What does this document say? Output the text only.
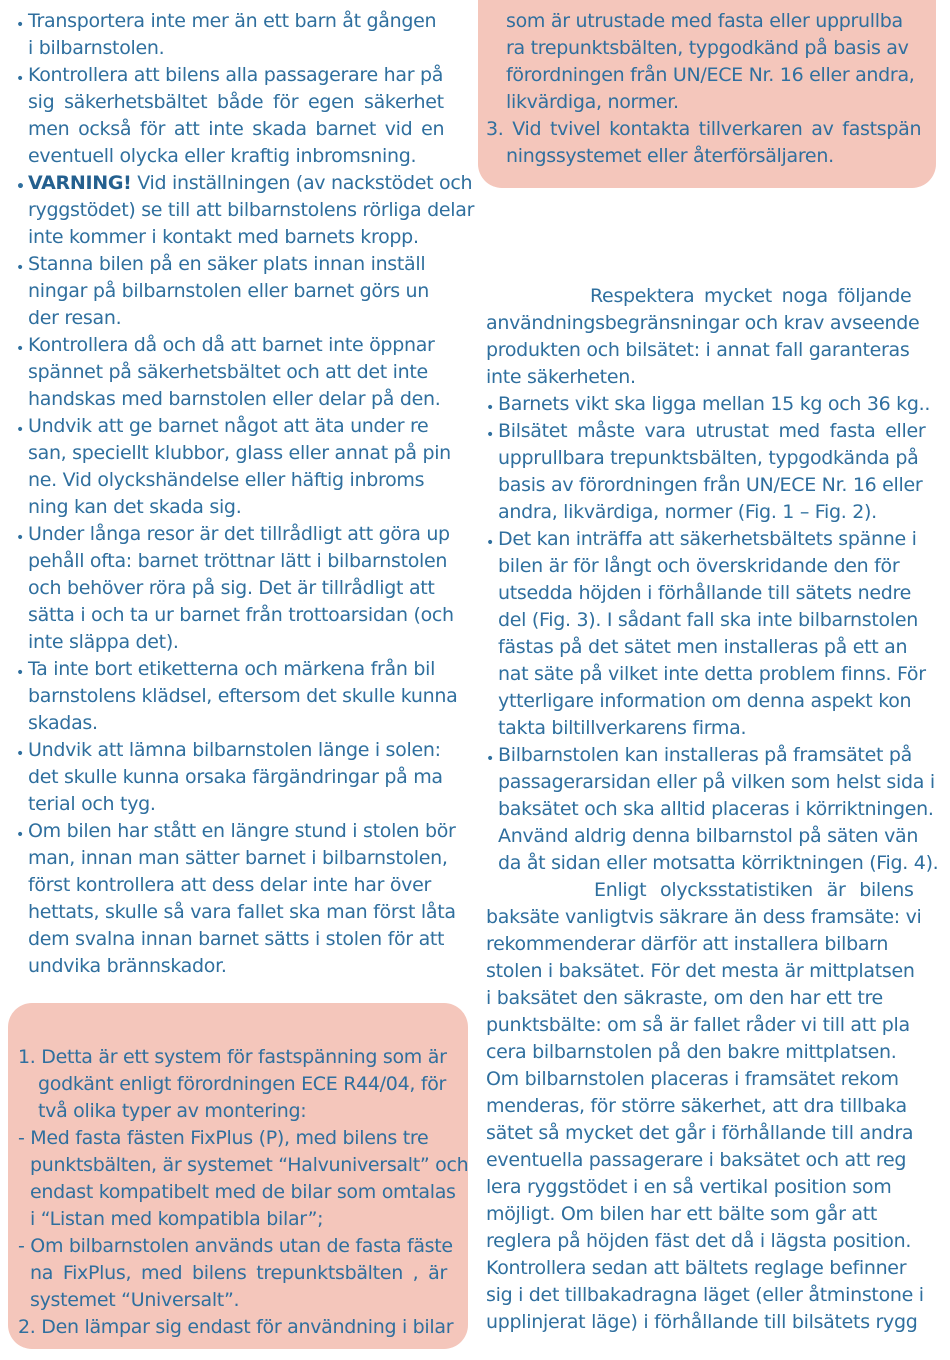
• Transportera inte mer än ett barn åt gången
i bilbarnstolen.
• Kontrollera att bilens alla passagerare har på
sig säkerhetsbältet både för egen säkerhet
men också för att inte skada barnet vid en
eventuell olycka eller kraftig inbromsning.
• VARNING! Vid inställningen (av nackstödet och
ryggstödet) se till att bilbarnstolens rörliga delar
inte kommer i kontakt med barnets kropp.
• Stanna bilen på en säker plats innan inställ
ningar på bilbarnstolen eller barnet görs un
der resan.
• Kontrollera då och då att barnet inte öppnar
spännet på säkerhetsbältet och att det inte
handskas med barnstolen eller delar på den.
• Undvik att ge barnet något att äta under re
san, speciellt klubbor, glass eller annat på pin
ne. Vid olyckshändelse eller häftig inbroms
ning kan det skada sig.
• Under långa resor är det tillrådligt att göra up
pehåll ofta: barnet tröttnar lätt i bilbarnstolen
och behöver röra på sig. Det är tillrådligt att
sätta i och ta ur barnet från trottoarsidan (och
inte släppa det).
• Ta inte bort etiketterna och märkena från bil
barnstolens klädsel, eftersom det skulle kunna
skadas.
• Undvik att lämna bilbarnstolen länge i solen:
det skulle kunna orsaka färgändringar på ma
terial och tyg.
• Om bilen har stått en längre stund i stolen bör
man, innan man sätter barnet i bilbarnstolen,
först kontrollera att dess delar inte har över
hettats, skulle så vara fallet ska man först låta
dem svalna innan barnet sätts i stolen för att
undvika brännskador.
1. Detta är ett system för fastspänning som är
godkänt enligt förordningen ECE R44/04, för
två olika typer av montering:
- Med fasta fästen FixPlus (P), med bilens tre
punktsbälten, är systemet “Halvuniversalt” och
endast kompatibelt med de bilar som omtalas
i “Listan med kompatibla bilar”;
- Om bilbarnstolen används utan de fasta fäste
na FixPlus, med bilens trepunktsbälten , är
systemet “Universalt”.
2. Den lämpar sig endast för användning i bilar
som är utrustade med fasta eller upprullba
ra trepunktsbälten, typgodkänd på basis av
förordningen från UN/ECE Nr. 16 eller andra,
likvärdiga, normer.
3. Vid tvivel kontakta tillverkaren av fastspän
ningssystemet eller återförsäljaren.
Respektera mycket noga följande
användningsbegränsningar och krav avseende
produkten och bilsätet: i annat fall garanteras
inte säkerheten.
• Barnets vikt ska ligga mellan 15 kg och 36 kg..
• Bilsätet måste vara utrustat med fasta eller
upprullbara trepunktsbälten, typgodkända på
basis av förordningen från UN/ECE Nr. 16 eller
andra, likvärdiga, normer (Fig. 1 – Fig. 2).
• Det kan inträffa att säkerhetsbältets spänne i
bilen är för långt och överskridande den för
utsedda höjden i förhållande till sätets nedre
del (Fig. 3). I sådant fall ska inte bilbarnstolen
fästas på det sätet men installeras på ett an
nat säte på vilket inte detta problem finns. För
ytterligare information om denna aspekt kon
takta biltillverkarens firma.
• Bilbarnstolen kan installeras på framsätet på
passagerarsidan eller på vilken som helst sida i
baksätet och ska alltid placeras i körriktningen.
Använd aldrig denna bilbarnstol på säten vän
da åt sidan eller motsatta körriktningen (Fig. 4).
Enligt olycksstatistiken är bilens
baksäte vanligtvis säkrare än dess framsäte: vi
rekommenderar därför att installera bilbarn
stolen i baksätet. För det mesta är mittplatsen
i baksätet den säkraste, om den har ett tre
punktsbälte: om så är fallet råder vi till att pla
cera bilbarnstolen på den bakre mittplatsen.
Om bilbarnstolen placeras i framsätet rekom
menderas, för större säkerhet, att dra tillbaka
sätet så mycket det går i förhållande till andra
eventuella passagerare i baksätet och att reg
lera ryggstödet i en så vertikal position som
möjligt. Om bilen har ett bälte som går att
reglera på höjden fäst det då i lägsta position.
Kontrollera sedan att bältets reglage befinner
sig i det tillbakadragna läget (eller åtminstone i
upplinjerat läge) i förhållande till bilsätets rygg
